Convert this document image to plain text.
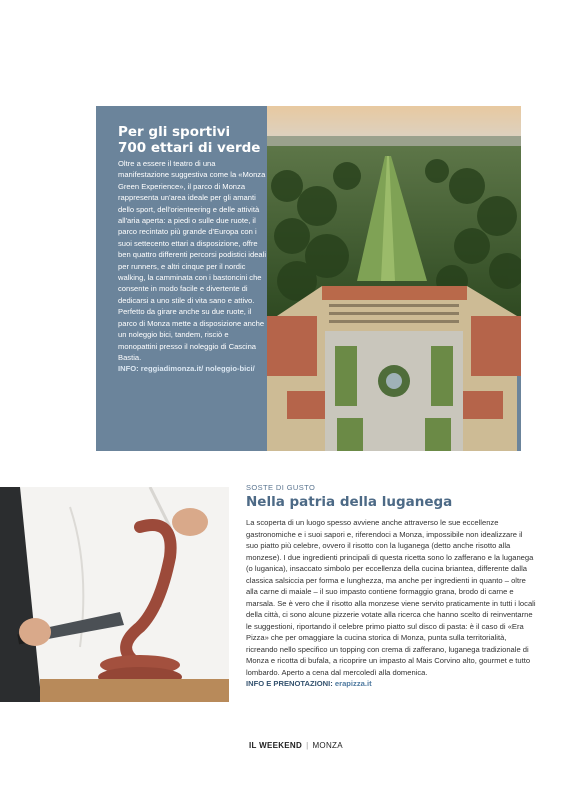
Per gli sportivi
700 ettari di verde

Oltre a essere il teatro di una manifestazione suggestiva come la «Monza Green Experience», il parco di Monza rappresenta un'area ideale per gli amanti dello sport, dell'orienteering e delle attività all'aria aperta: a piedi o sulle due ruote, il parco recintato più grande d'Europa con i suoi settecento ettari a disposizione, offre ben quattro differenti percorsi podistici ideali per runners, e altri cinque per il nordic walking, la camminata con i bastoncini che consente in modo facile e divertente di dedicarsi a uno stile di vita sano e attivo. Perfetto da girare anche su due ruote, il parco di Monza mette a disposizione anche un noleggio bici, tandem, risciò e monopattini presso il noleggio di Cascina Bastia.

INFO: reggiadimonza.it/ noleggio-bici/

SOSTE DI GUSTO

Nella patria della luganega

La scoperta di un luogo spesso avviene anche attraverso le sue eccellenze gastronomiche e i suoi sapori e, riferendoci a Monza, impossibile non idealizzare il suo piatto più celebre, ovvero il risotto con la luganega (detto anche risotto alla monzese). I due ingredienti principali di questa ricetta sono lo zafferano e la luganega (o luganica), insaccato simbolo per eccellenza della cucina briantea, differente dalla classica salsiccia per forma e lunghezza, ma anche per ingredienti in quanto – oltre alla carne di maiale – il suo impasto contiene formaggio grana, brodo di carne e marsala. Se è vero che il risotto alla monzese viene servito praticamente in tutti i locali della città, ci sono alcune pizzerie votate alla ricerca che hanno scelto di reinventarne le suggestioni, riportando il celebre primo piatto sul disco di pasta: è il caso di «Era Pizza» che per omaggiare la cucina storica di Monza, punta sulla territorialità, ricreando nello specifico un topping con crema di zafferano, luganega tradizionale di Monza e ricotta di bufala, a ricoprire un impasto al Mais Corvino alto, gourmet e tutto lombardo. Aperto a cena dal mercoledì alla domenica.

INFO E PRENOTAZIONI: erapizza.it

IL WEEKEND | MONZA
